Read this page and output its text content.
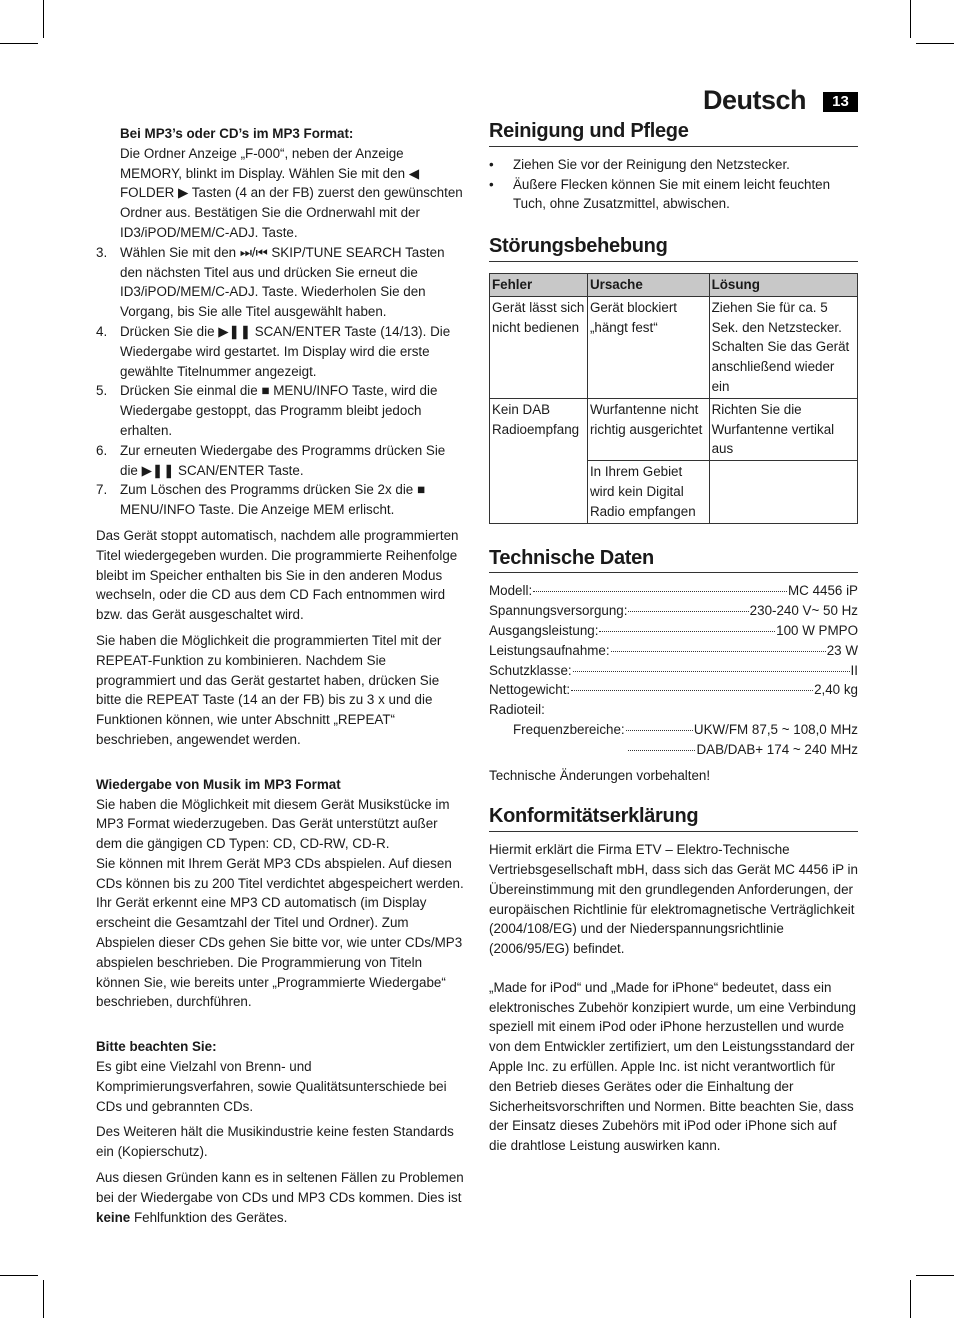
Deutsch	13
Bei MP3’s oder CD’s im MP3 Format:

Die Ordner Anzeige „F-000“, neben der Anzeige MEMORY, blinkt im Display. Wählen Sie mit den ◀ FOLDER ▶ Tasten (4 an der FB) zuerst den gewünschten Ordner aus. Bestätigen Sie die Ordnerwahl mit der ID3/iPOD/MEM/C-ADJ. Taste.

3. Wählen Sie mit den ⏭/⏮ SKIP/TUNE SEARCH Tasten den nächsten Titel aus und drücken Sie erneut die ID3/iPOD/MEM/C-ADJ. Taste. Wiederholen Sie den Vorgang, bis Sie alle Titel ausgewählt haben.
4. Drücken Sie die ▶❚❚ SCAN/ENTER Taste (14/13). Die Wiedergabe wird gestartet. Im Display wird die erste gewählte Titelnummer angezeigt.
5. Drücken Sie einmal die ■ MENU/INFO Taste, wird die Wiedergabe gestoppt, das Programm bleibt jedoch erhalten.
6. Zur erneuten Wiedergabe des Programms drücken Sie die ▶❚❚ SCAN/ENTER Taste.
7. Zum Löschen des Programms drücken Sie 2x die ■ MENU/INFO Taste. Die Anzeige MEM erlischt.

Das Gerät stoppt automatisch, nachdem alle programmierten Titel wiedergegeben wurden. Die programmierte Reihenfolge bleibt im Speicher enthalten bis Sie in den anderen Modus wechseln, oder die CD aus dem CD Fach entnommen wird bzw. das Gerät ausgeschaltet wird.

Sie haben die Möglichkeit die programmierten Titel mit der REPEAT-Funktion zu kombinieren. Nachdem Sie programmiert und das Gerät gestartet haben, drücken Sie bitte die REPEAT Taste (14 an der FB) bis zu 3 x und die Funktionen können, wie unter Abschnitt „REPEAT“ beschrieben, angewendet werden.

Wiedergabe von Musik im MP3 Format
Sie haben die Möglichkeit mit diesem Gerät Musikstücke im MP3 Format wiederzugeben. Das Gerät unterstützt außer dem die gängigen CD Typen: CD, CD-RW, CD-R.

Sie können mit Ihrem Gerät MP3 CDs abspielen. Auf diesen CDs können bis zu 200 Titel verdichtet abgespeichert werden. Ihr Gerät erkennt eine MP3 CD automatisch (im Display erscheint die Gesamtzahl der Titel und Ordner). Zum Abspielen dieser CDs gehen Sie bitte vor, wie unter CDs/MP3 abspielen beschrieben. Die Programmierung von Titeln können Sie, wie bereits unter „Programmierte Wiedergabe“ beschrieben, durchführen.

Bitte beachten Sie:

Es gibt eine Vielzahl von Brenn- und Komprimierungsverfahren, sowie Qualitätsunterschiede bei CDs und gebrannten CDs.

Des Weiteren hält die Musikindustrie keine festen Standards ein (Kopierschutz).

Aus diesen Gründen kann es in seltenen Fällen zu Problemen bei der Wiedergabe von CDs und MP3 CDs kommen. Dies ist keine Fehlfunktion des Gerätes.

Reinigung und Pflege
• Ziehen Sie vor der Reinigung den Netzstecker.
• Äußere Flecken können Sie mit einem leicht feuchten Tuch, ohne Zusatzmittel, abwischen.
Störungsbehebung
Fehler	Ursache	Lösung
Gerät lässt sich nicht bedienen	Gerät blockiert „hängt fest“	Ziehen Sie für ca. 5 Sek. den Netzstecker. Schalten Sie das Gerät anschließend wieder ein
Kein DAB Radioempfang	Wurfantenne nicht richtig ausgerichtet	Richten Sie die Wurfantenne vertikal aus
	In Ihrem Gebiet wird kein Digital Radio empfangen	
Technische Daten
Modell:	MC 4456 iP
Spannungsversorgung:	230-240 V~ 50 Hz
Ausgangsleistung:	100 W PMPO
Leistungsaufnahme:	23 W
Schutzklasse:	II
Nettogewicht:	2,40 kg
Radioteil:
Frequenzbereiche:	UKW/FM 87,5 ~ 108,0 MHz
DAB/DAB+ 174 ~ 240 MHz

Technische Änderungen vorbehalten!

Konformitätserklärung

Hiermit erklärt die Firma ETV – Elektro-Technische Vertriebsgesellschaft mbH, dass sich das Gerät MC 4456 iP in Übereinstimmung mit den grundlegenden Anforderungen, der europäischen Richtlinie für elektromagnetische Verträglichkeit (2004/108/EG) und der Niederspannungsrichtlinie (2006/95/EG) befindet.

„Made for iPod“ und „Made for iPhone“ bedeutet, dass ein elektronisches Zubehör konzipiert wurde, um eine Verbindung speziell mit einem iPod oder iPhone herzustellen und wurde von dem Entwickler zertifiziert, um den Leistungsstandard der Apple Inc. zu erfüllen. Apple Inc. ist nicht verantwortlich für den Betrieb dieses Gerätes oder die Einhaltung der Sicherheitsvorschriften und Normen. Bitte beachten Sie, dass der Einsatz dieses Zubehörs mit iPod oder iPhone sich auf die drahtlose Leistung auswirken kann.
